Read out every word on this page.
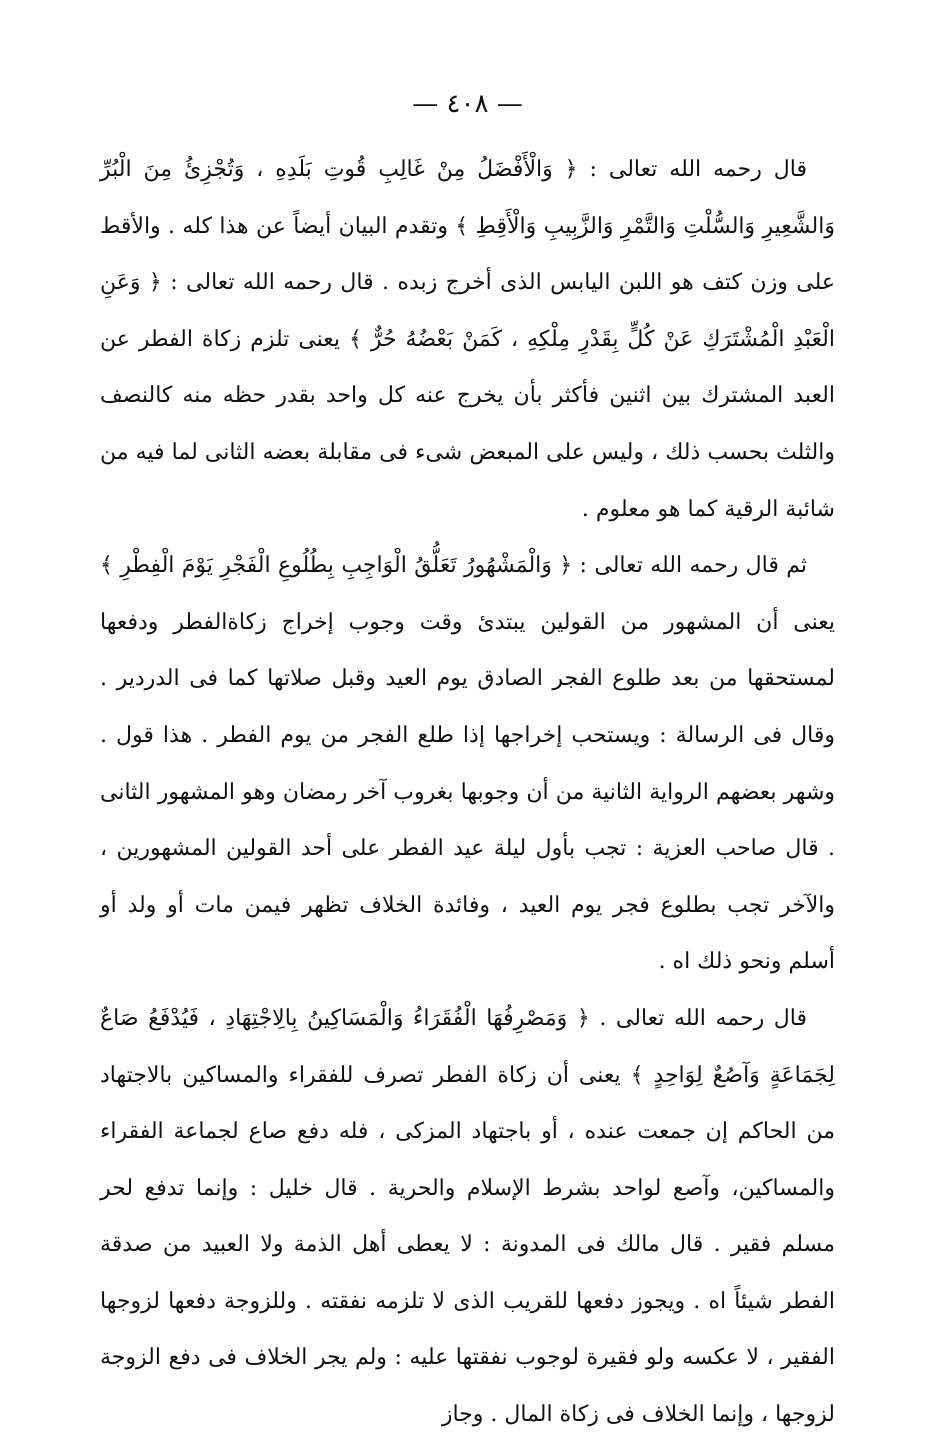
— ٤٠٨ —

قال رحمه الله تعالى : ﴿ وَالْأَفْضَلُ مِنْ غَالِبِ قُوتِ بَلَدِهِ ، وَتُجْزِئُ مِنَ الْبُرِّ وَالشَّعِيرِ وَالسُّلْتِ وَالتَّمْرِ وَالزَّبِيبِ وَالْأَقِطِ ﴾ وتقدم البيان أيضاً عن هذا كله . والأقط على وزن كتف هو اللبن اليابس الذى أخرج زبده . قال رحمه الله تعالى : ﴿ وَعَنِ الْعَبْدِ الْمُشْتَرَكِ عَنْ كُلٍّ بِقَدْرِ مِلْكِهِ ، كَمَنْ بَعْضُهُ حُرٌّ ﴾ يعنى تلزم زكاة الفطر عن العبد المشترك بين اثنين فأكثر بأن يخرج عنه كل واحد بقدر حظه منه كالنصف والثلث بحسب ذلك ، وليس على المبعض شىء فى مقابلة بعضه الثانى لما فيه من شائبة الرقية كما هو معلوم .

ثم قال رحمه الله تعالى : ﴿ وَالْمَشْهُورُ تَعَلُّقُ الْوَاجِبِ بِطُلُوعِ الْفَجْرِ يَوْمَ الْفِطْرِ ﴾ يعنى أن المشهور من القولين يبتدئ وقت وجوب إخراج زكاةالفطر ودفعها لمستحقها من بعد طلوع الفجر الصادق يوم العيد وقبل صلاتها كما فى الدردير . وقال فى الرسالة : ويستحب إخراجها إذا طلع الفجر من يوم الفطر . هذا قول . وشهر بعضهم الرواية الثانية من أن وجوبها بغروب آخر رمضان وهو المشهور الثانى . قال صاحب العزية : تجب بأول ليلة عيد الفطر على أحد القولين المشهورين ، والآخر تجب بطلوع فجر يوم العيد ، وفائدة الخلاف تظهر فيمن مات أو ولد أو أسلم ونحو ذلك اه .

قال رحمه الله تعالى . ﴿ وَمَصْرِفُهَا الْفُقَرَاءُ وَالْمَسَاكِينُ بِالِاجْتِهَادِ ، فَيُدْفَعُ صَاعٌ لِجَمَاعَةٍ وَآصُعٌ لِوَاحِدٍ ﴾ يعنى أن زكاة الفطر تصرف للفقراء والمساكين بالاجتهاد من الحاكم إن جمعت عنده ، أو باجتهاد المزكى ، فله دفع صاع لجماعة الفقراء والمساكين، وآصع لواحد بشرط الإسلام والحرية . قال خليل : وإنما تدفع لحر مسلم فقير . قال مالك فى المدونة : لا يعطى أهل الذمة ولا العبيد من صدقة الفطر شيئاً اه . ويجوز دفعها للقريب الذى لا تلزمه نفقته . وللزوجة دفعها لزوجها الفقير ، لا عكسه ولو فقيرة لوجوب نفقتها عليه : ولم يجر الخلاف فى دفع الزوجة لزوجها ، وإنما الخلاف فى زكاة المال . وجاز
